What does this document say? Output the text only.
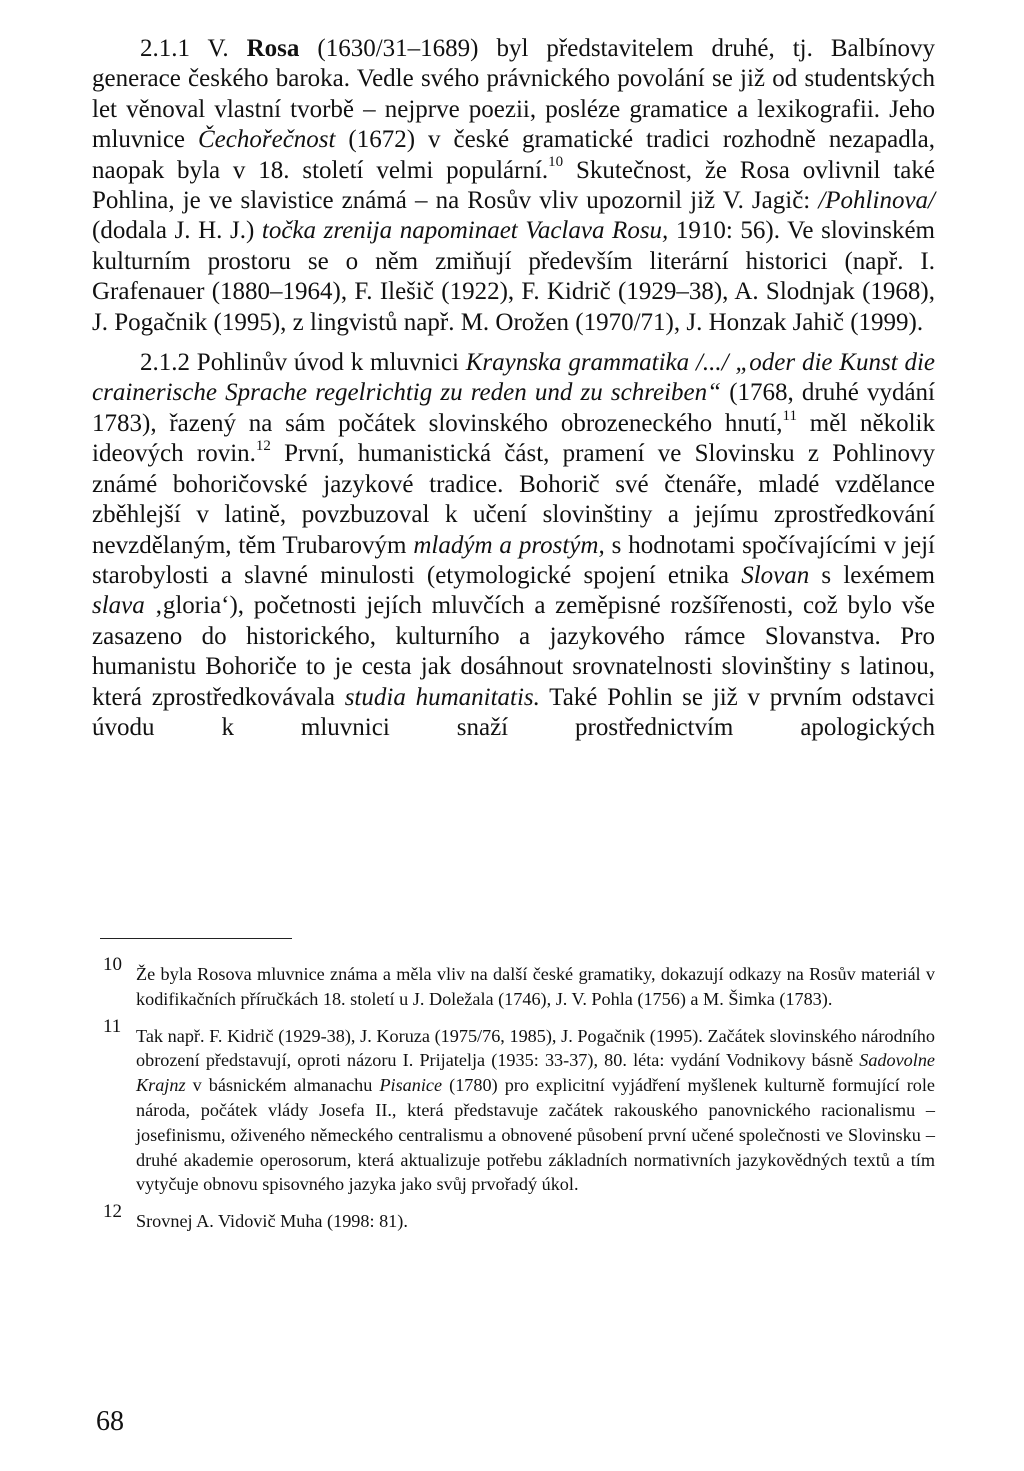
2.1.1 V. Rosa (1630/31–1689) byl představitelem druhé, tj. Balbínovy generace českého baroka. Vedle svého právnického povolání se již od studentských let věnoval vlastní tvorbě – nejprve poezii, posléze gramatice a lexikografii. Jeho mluvnice Čechořečnost (1672) v české gramatické tradici rozhodně nezapadla, naopak byla v 18. století velmi populární.$^{10}$ Skutečnost, že Rosa ovlivnil také Pohlina, je ve slavistice známá – na Rosův vliv upozornil již V. Jagič: /Pohlinova/ (dodala J. H. J.) točka zrenija napominaet Vaclava Rosu, 1910: 56). Ve slovinském kulturním prostoru se o něm zmiňují především literární historici (např. I. Grafenauer (1880–1964), F. Ilešič (1922), F. Kidrič (1929–38), A. Slodnjak (1968), J. Pogačnik (1995), z lingvistů např. M. Orožen (1970/71), J. Honzak Jahič (1999).

2.1.2 Pohlinův úvod k mluvnici Kraynska grammatika /.../ „oder die Kunst die crainerische Sprache regelrichtig zu reden und zu schreiben“ (1768, druhé vydání 1783), řazený na sám počátek slovinského obrozeneckého hnutí,$^{11}$ měl několik ideových rovin.$^{12}$ První, humanistická část, pramení ve Slovinsku z Pohlinovy známé bohoričovské jazykové tradice. Bohorič své čtenáře, mladé vzdělance zběhlejší v latině, povzbuzoval k učení slovinštiny a jejímu zprostředkování nevzdělaným, těm Trubarovým mladým a prostým, s hodnotami spočívajícími v její starobylosti a slavné minulosti (etymologické spojení etnika Slovan s lexémem slava ‚gloria‘), početnosti jejích mluvčích a zeměpisné rozšířenosti, což bylo vše zasazeno do historického, kulturního a jazykového rámce Slovanstva. Pro humanistu Bohoriče to je cesta jak dosáhnout srovnatelnosti slovinštiny s latinou, která zprostředkovávala studia humanitatis. Také Pohlin se již v prvním odstavci úvodu k mluvnici snaží prostřednictvím apologických

10 Že byla Rosova mluvnice známa a měla vliv na další české gramatiky, dokazují odkazy na Rosův materiál v kodifikačních příručkách 18. století u J. Doležala (1746), J. V. Pohla (1756) a M. Šimka (1783).
11 Tak např. F. Kidrič (1929-38), J. Koruza (1975/76, 1985), J. Pogačnik (1995). Začátek slovinského národního obrození představují, oproti názoru I. Prijatelja (1935: 33-37), 80. léta: vydání Vodnikovy básně Sadovolne Krajnz v básnickém almanachu Pisanice (1780) pro explicitní vyjádření myšlenek kulturně formující role národa, počátek vlády Josefa II., která představuje začátek rakouského panovnického racionalismu – josefinismu, oživeného německého centralismu a obnovené působení první učené společnosti ve Slovinsku – druhé akademie operosorum, která aktualizuje potřebu základních normativních jazykovědných textů a tím vytyčuje obnovu spisovného jazyka jako svůj prvořadý úkol.
12 Srovnej A. Vidovič Muha (1998: 81).
68
